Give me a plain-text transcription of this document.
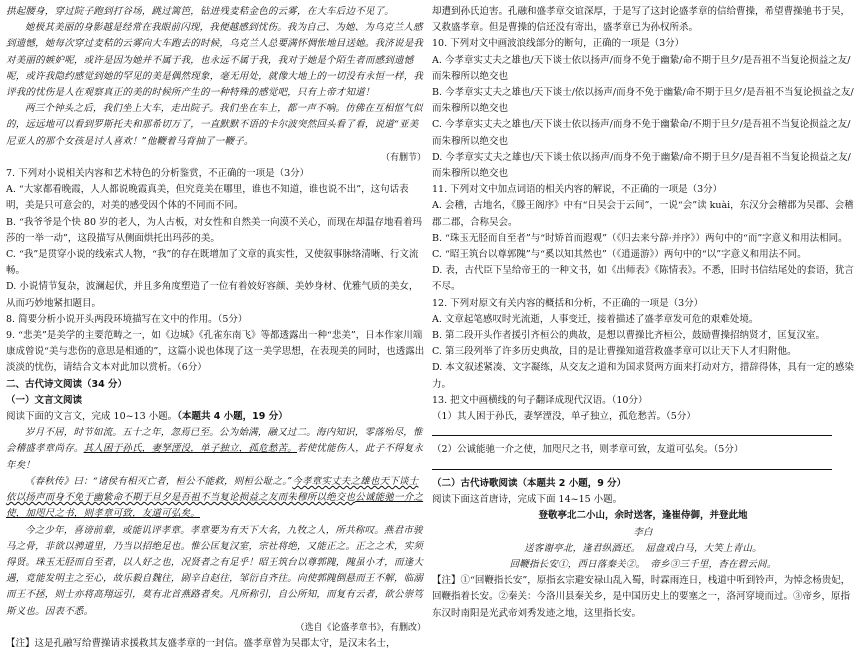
拱起腰身，穿过院子跑到打谷场，跳过篱笆，钻进残麦秸金色的云雾，在大车后边不见了。

她极其美丽的身影越是经常在我眼前闪现，我便越感到忧伤。我为自己、为她、为乌克兰人感到遗憾，她每次穿过麦秸的云雾向大车跑去的时候，乌克兰人总要满怀惆怅地目送她。我济说是我对美丽的嫉妒呢，或许是因为她并不属于我，也永远不属于我，我对于她是个陌生者而感到遗憾呢，或许我隐约感觉到她的罕见的美是偶然现象，毫无用处，就像大地上的一切没有永恒一样，我评我的忧伤是人在观察真正的美的时候所产生的一种特殊的感觉吧，只有上帝才知道！

两三个钟头之后，我们坐上大车，走出院子。我们坐在车上，都一声不响。仿佛在互相怄气似的，远远地可以看到罗斯托夫和那希切万了，一直默默不语的卡尔波突然回头看了看，说道“亚美尼亚人的那个女孩是讨人喜欢！”他鞭着马背抽了一鞭子。

（有删节）

7. 下列对小说相关内容和艺术特色的分析鉴赏，不正确的一项是（3分）

A. “大家都看晚霞，人人都说晚霞真美，但究竟美在哪里，谁也不知道，谁也说不出”，这句话表明，美是只可意会的，对美的感受因个体的不同而不同。

B. “我爷爷是个快 80 岁的老人，为人古板，对女性和自然美一向漠不关心，而现在却温存地看着玛莎的一举一动”，这段描写从侧面烘托出玛莎的美。

C. “我”是贯穿小说的线索式人物，“我”的存在既增加了文章的真实性，又使叙事脉络清晰、行文流畅。

D. 小说情节复杂，波澜起伏，并且多角度塑造了一位有着姣好容颜、美妙身材、优雅气质的美女，从而巧妙地紧扣题目。

8. 简要分析小说开头两段环境描写在文中的作用。（5分）

9. “悲美”是美学的主要范畴之一，如《边城》《孔雀东南飞》等都透露出一种“悲美”，日本作家川端康成曾说“美与悲伤的意思是相通的”，这篇小说也体现了这一美学思想，在表现美的同时，也透露出淡淡的忧伤，请结合文本对此加以赏析。（6分）

二、古代诗文阅读（34 分）

（一）文言文阅读

阅读下面的文言文，完成 10~13 小题。（本题共 4 小题，19 分）

岁月不居，时节如流。五十之年，忽焉已至。公为始满，融又过二。海内知识，零落殆尽，惟会稽盛孝章尚存。其人困于孙氏，妻孥湮没，单子独立，孤危愁苦。若使忧能伤人，此子不得复永年矣！

《春秋传》曰：“诸侯有相灭亡者，桓公不能救，则桓公耻之。”今孝章实丈夫之雄也天下谈士依以扬声而身不免于幽絷命不期于旦夕是吾祖不当复论损益之友而朱穆所以绝交也公诚能驰一介之使，加咫尺之书，则孝章可致，友道可弘矣。

今之少年，喜谤前辈，或能讥评孝章。孝章要为有天下大名，九牧之人，所共称叹。燕君市骏马之骨，非欲以骋道里，乃当以招绝足也。惟公匡复汉室，宗社将绝，又能正之。正之之术，实须得贤。珠玉无胫而自至者，以人好之也，况贤者之有足乎！昭王筑台以尊郭隗，隗虽小才，而逢大遇，竟能发明主之至心，故乐毅自魏往，剧辛自赵往，邹衍自齐往。向使郭隗倒悬而王不解，临溺而王不拯，则士亦将高翔远引，莫有北首燕路者矣。凡所称引，自公所知，而复有云者，欲公崇笃斯义也。因表不悉。

（选自《论盛孝章书》，有删改）

【注】这是孔融写给曹操请求援救其友盛孝章的一封信。盛孝章曾为吴郡太守，是汉末名士，

却遭到孙氏迫害。孔融和盛孝章交谊深厚，于是写了这封论盛孝章的信给曹操，希望曹操驰书于吴，又救盛孝章。但是曹操的信还没有寄出，盛孝章已为孙权所杀。

10. 下列对文中画波浪线部分的断句，正确的一项是（3分）

A. 今孝章实丈夫之雄也/天下谈士依以扬声/而身不免于幽絷/命不期于旦夕/是吾祖不当复论损益之友/而朱穆所以绝交也

B. 今孝章实丈夫之雄也/天下谈士/依以扬声/而身不免于幽絷/命不期于旦夕/是吾祖不当复论损益之友/而朱穆所以绝交也

C. 今孝章实丈夫之雄也/天下谈士依以扬声/而身不免于幽絷命/不期于旦夕/是吾祖不当复论损益之友/而朱穆所以绝交也

D. 今孝章实丈夫之雄也/天下谈士依以扬声/而身不免于幽絷/命不期于旦夕/是吾祖不当复论损益之友/而朱穆所以绝交也

11. 下列对文中加点词语的相关内容的解说，不正确的一项是（3分）

A. 会稽，古地名，《滕王阁序》中有“日吴会于云间”，一说“会”读 kuài，东汉分会稽郡为吴郡、会稽郡二郡，合称吴会。

B. “珠玉无胫而自至者”与“时矫首而遐观”（《归去来兮辞·并序》）两句中的“而”字意义和用法相同。

C. “昭王筑台以尊郭隗”与“奚以知其然也”（《逍遥游》）两句中的“以”字意义和用法不同。

D. 表，古代臣下呈给帝王的一种文书，如《出师表》《陈情表》。不悉，旧时书信结尾处的套语，犹言不尽。

12. 下列对原文有关内容的概括和分析，不正确的一项是（3分）

A. 文章起笔感叹时光流逝，人事变迁，接着描述了盛孝章发可危的艰难处境。

B. 第二段开头作者援引齐桓公的典故，是想以曹操比齐桓公，鼓励曹操招纳贤才，匡复汉室。

C. 第三段列举了许多历史典故，目的是让曹操知道营救盛孝章可以让天下人才归附他。

D. 本文叙述紧凑、文字凝练，从交友之道和为国求贤两方面来打动对方，措辞得体，具有一定的感染力。

13. 把文中画横线的句子翻译成现代汉语。（10分）

（1）其人困于孙氏，妻孥湮没，单孑独立，孤危愁苦。（5分）

（2）公诚能驰一介之使，加咫尺之书，则孝章可致，友道可弘矣。（5分）

（二）古代诗歌阅读（本题共 2 小题，9 分）

阅读下面这首唐诗，完成下面 14~15 小题。

登敬亭北二小山，余时送客，逢崔侍御，并登此地

李白

送客谢亭北，逢君纵酒还。　屈盘戏白马，大笑上青山。

回鞭指长安①，西日落秦关②。　帝乡③三千里，杳在碧云间。

【注】①“回鞭指长安”，原指玄宗避安禄山乱入蜀，时霖雨连日，栈道中听到铃声，为悼念杨贵妃，回鞭指着长安。②秦关：今洛川县秦关乡，是中国历史上的要塞之一，洛河穿境而过。③帝乡，原指东汉时南阳是光武帝刘秀发迹之地，这里指长安。
